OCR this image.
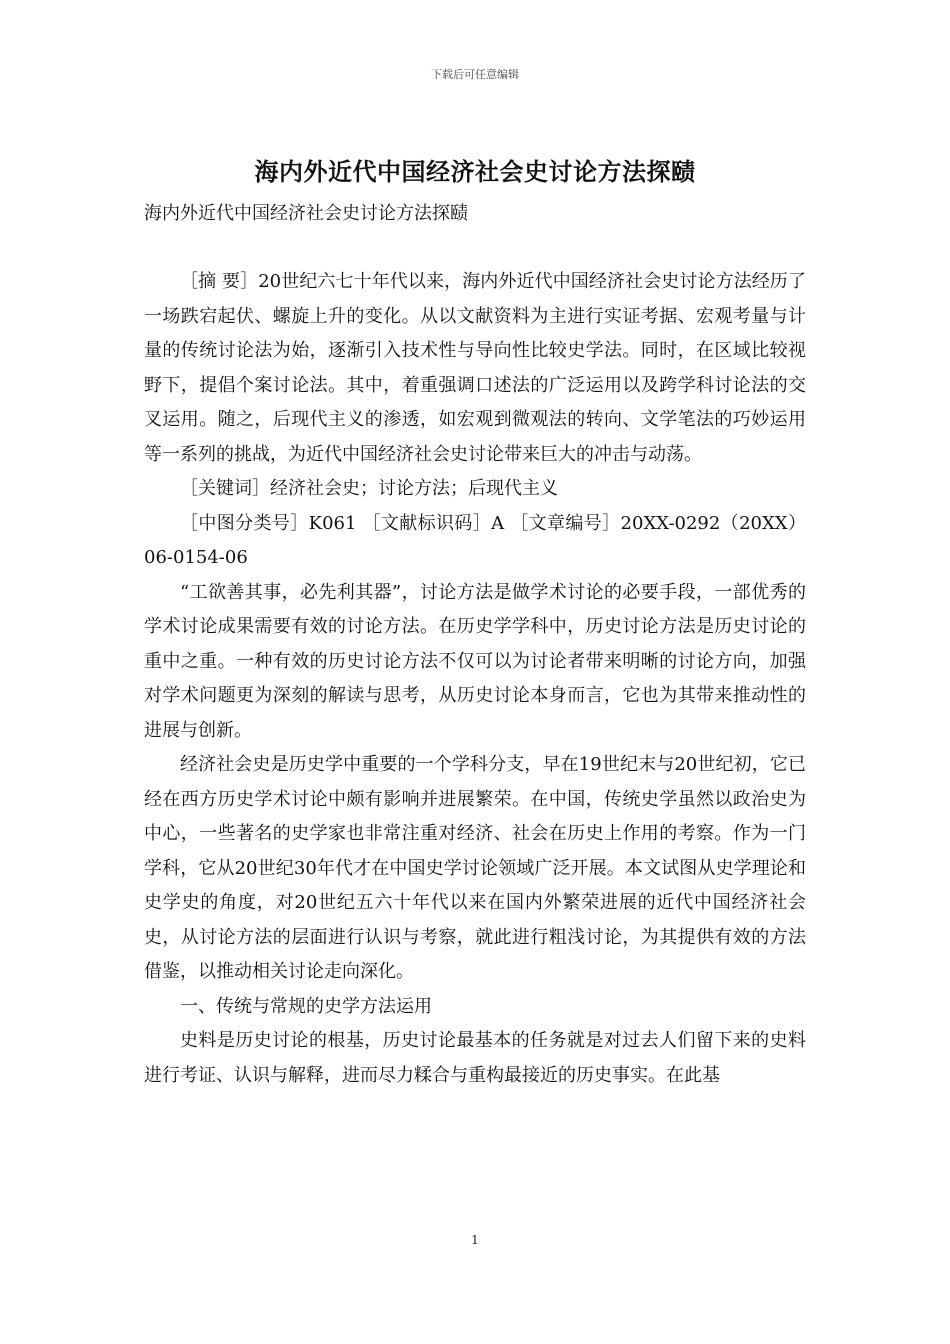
下载后可任意编辑
海内外近代中国经济社会史讨论方法探赜
海内外近代中国经济社会史讨论方法探赜

［摘 要］20世纪六七十年代以来，海内外近代中国经济社会史讨论方法经历了一场跌宕起伏、螺旋上升的变化。从以文献资料为主进行实证考据、宏观考量与计量的传统讨论法为始，逐渐引入技术性与导向性比较史学法。同时，在区域比较视野下，提倡个案讨论法。其中，着重强调口述法的广泛运用以及跨学科讨论法的交叉运用。随之，后现代主义的渗透，如宏观到微观法的转向、文学笔法的巧妙运用等一系列的挑战，为近代中国经济社会史讨论带来巨大的冲击与动荡。

［关键词］经济社会史；讨论方法；后现代主义

［中图分类号］K061 ［文献标识码］A ［文章编号］20XX-0292（20XX）06-0154-06

“工欲善其事，必先利其器”，讨论方法是做学术讨论的必要手段，一部优秀的学术讨论成果需要有效的讨论方法。在历史学学科中，历史讨论方法是历史讨论的重中之重。一种有效的历史讨论方法不仅可以为讨论者带来明晰的讨论方向，加强对学术问题更为深刻的解读与思考，从历史讨论本身而言，它也为其带来推动性的进展与创新。

经济社会史是历史学中重要的一个学科分支，早在19世纪末与20世纪初，它已经在西方历史学术讨论中颇有影响并进展繁荣。在中国，传统史学虽然以政治史为中心，一些著名的史学家也非常注重对经济、社会在历史上作用的考察。作为一门学科，它从20世纪30年代才在中国史学讨论领域广泛开展。本文试图从史学理论和史学史的角度，对20世纪五六十年代以来在国内外繁荣进展的近代中国经济社会史，从讨论方法的层面进行认识与考察，就此进行粗浅讨论，为其提供有效的方法借鉴，以推动相关讨论走向深化。

一、传统与常规的史学方法运用

史料是历史讨论的根基，历史讨论最基本的任务就是对过去人们留下来的史料进行考证、认识与解释，进而尽力糅合与重构最接近的历史事实。在此基

1
